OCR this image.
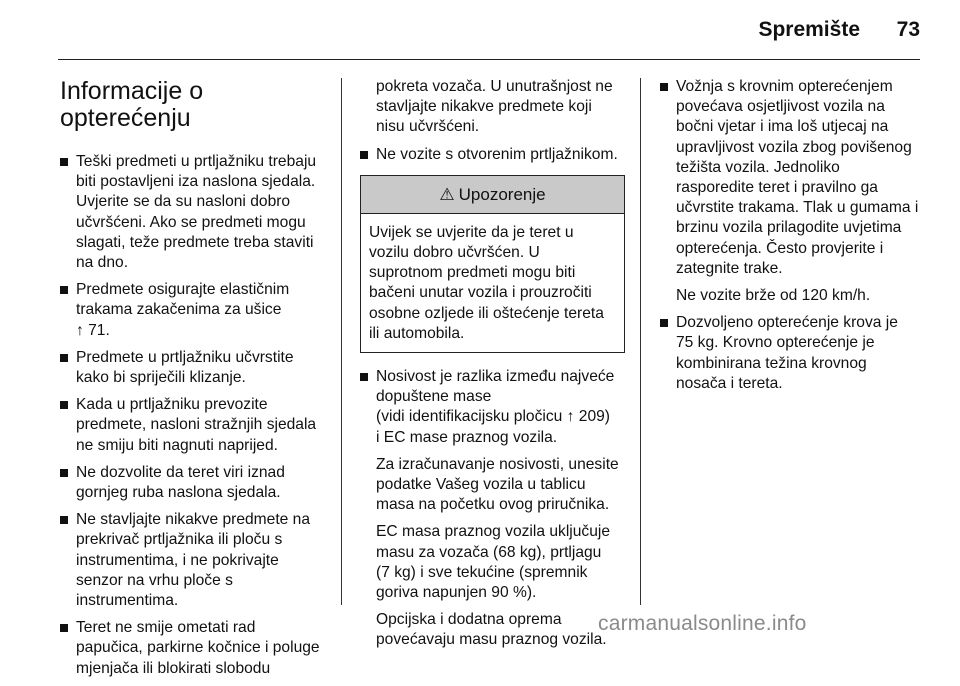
Spremište 73
Informacije o
opterećenju
Teški predmeti u prtljažniku trebaju
biti postavljeni iza naslona sjedala.
Uvjerite se da su nasloni dobro
učvršćeni. Ako se predmeti mogu
slagati, teže predmete treba staviti
na dno.
Predmete osigurajte elastičnim
trakama zakačenima za ušice
↑ 71.
Predmete u prtljažniku učvrstite
kako bi spriječili klizanje.
Kada u prtljažniku prevozite
predmete, nasloni stražnjih sjedala
ne smiju biti nagnuti naprijed.
Ne dozvolite da teret viri iznad
gornjeg ruba naslona sjedala.
Ne stavljajte nikakve predmete na
prekrivač prtljažnika ili ploču s
instrumentima, i ne pokrivajte
senzor na vrhu ploče s
instrumentima.
Teret ne smije ometati rad
papučica, parkirne kočnice i poluge
mjenjača ili blokirati slobodu
pokreta vozača. U unutrašnjost ne
stavljajte nikakve predmete koji
nisu učvršćeni.
Ne vozite s otvorenim prtljažnikom.
⚠ Upozorenje
Uvijek se uvjerite da je teret u
vozilu dobro učvršćen. U
suprotnom predmeti mogu biti
bačeni unutar vozila i prouzročiti
osobne ozljede ili oštećenje tereta
ili automobila.
Nosivost je razlika između najveće
dopuštene mase
(vidi identifikacijsku pločicu ↑ 209)
i EC mase praznog vozila.
Za izračunavanje nosivosti, unesite
podatke Vašeg vozila u tablicu
masa na početku ovog priručnika.
EC masa praznog vozila uključuje
masu za vozača (68 kg), prtljagu
(7 kg) i sve tekućine (spremnik
goriva napunjen 90 %).
Opcijska i dodatna oprema
povećavaju masu praznog vozila.
Vožnja s krovnim opterećenjem
povećava osjetljivost vozila na
bočni vjetar i ima loš utjecaj na
upravljivost vozila zbog povišenog
težišta vozila. Jednoliko
rasporedite teret i pravilno ga
učvrstite trakama. Tlak u gumama i
brzinu vozila prilagodite uvjetima
opterećenja. Često provjerite i
zategnite trake.
Ne vozite brže od 120 km/h.
Dozvoljeno opterećenje krova je
75 kg. Krovno opterećenje je
kombinirana težina krovnog
nosača i tereta.
carmanualsonline.info
